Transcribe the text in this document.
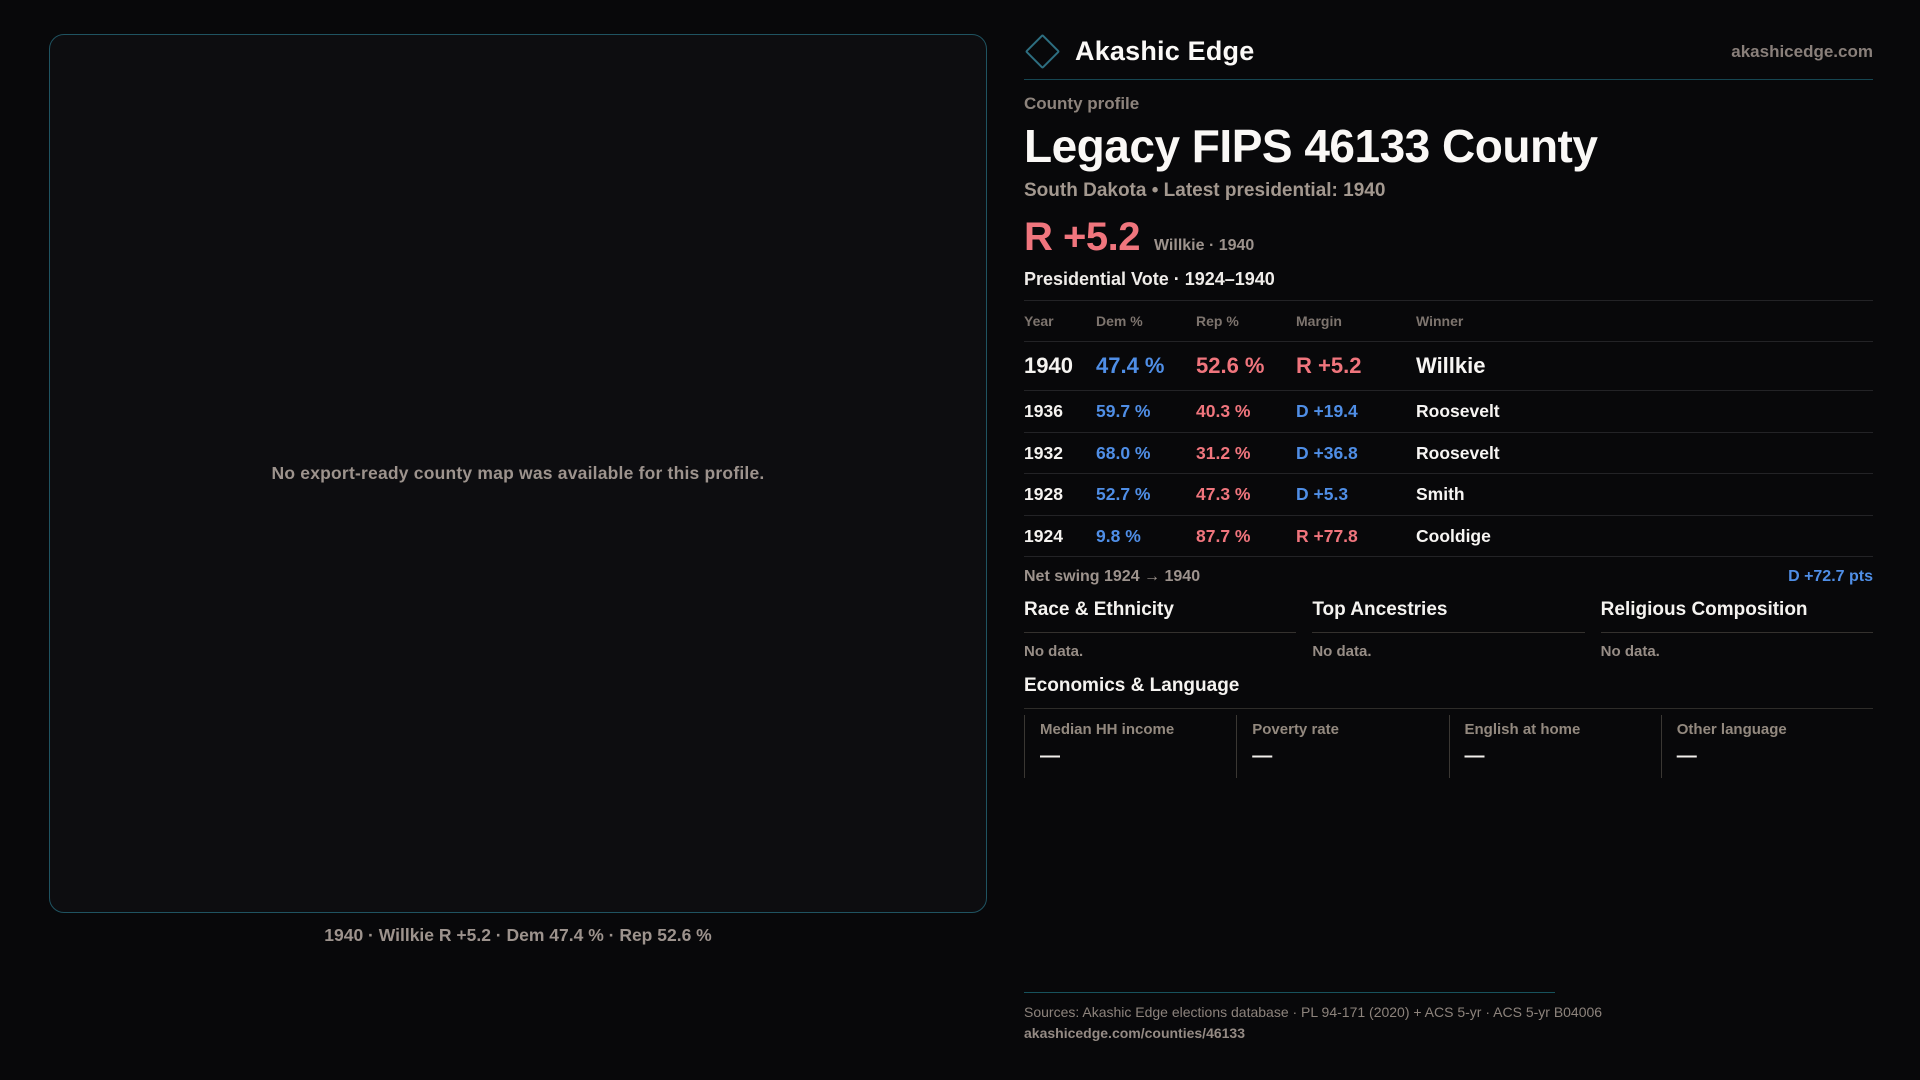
No export-ready county map was available for this profile.
1940 · Willkie R +5.2 · Dem 47.4 % · Rep 52.6 %
Akashic Edge	akashicedge.com
County profile
Legacy FIPS 46133 County
South Dakota • Latest presidential: 1940
R +5.2 Willkie · 1940
Presidential Vote · 1924–1940
Year	Dem %	Rep %	Margin	Winner
1940	47.4 %	52.6 %	R +5.2	Willkie
1936	59.7 %	40.3 %	D +19.4	Roosevelt
1932	68.0 %	31.2 %	D +36.8	Roosevelt
1928	52.7 %	47.3 %	D +5.3	Smith
1924	9.8 %	87.7 %	R +77.8	Cooldige
Net swing 1924 → 1940	D +72.7 pts
Race & Ethnicity
No data.
Top Ancestries
No data.
Religious Composition
No data.
Economics & Language
Median HH income
—
Poverty rate
—
English at home
—
Other language
—
Sources: Akashic Edge elections database · PL 94-171 (2020) + ACS 5-yr · ACS 5-yr B04006
akashicedge.com/counties/46133
